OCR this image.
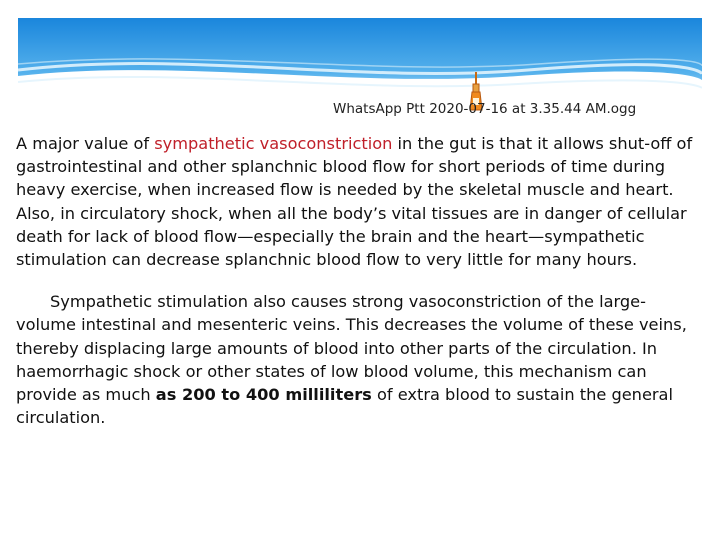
WhatsApp Ptt 2020-07-16 at 3.35.44 AM.ogg

A major value of sympathetic vasoconstriction in the gut is that it allows shut-off of gastrointestinal and other splanchnic blood flow for short periods of time during heavy exercise, when increased flow is needed by the skeletal muscle and heart. Also, in circulatory shock, when all the body’s vital tissues are in danger of cellular death for lack of blood flow—especially the brain and the heart—sympathetic stimulation can decrease splanchnic blood flow to very little for many hours.

Sympathetic stimulation also causes strong vasoconstriction of the large-volume intestinal and mesenteric veins. This decreases the volume of these veins, thereby displacing large amounts of blood into other parts of the circulation. In haemorrhagic shock or other states of low blood volume, this mechanism can provide as much as 200 to 400 milliliters of extra blood to sustain the general circulation.
